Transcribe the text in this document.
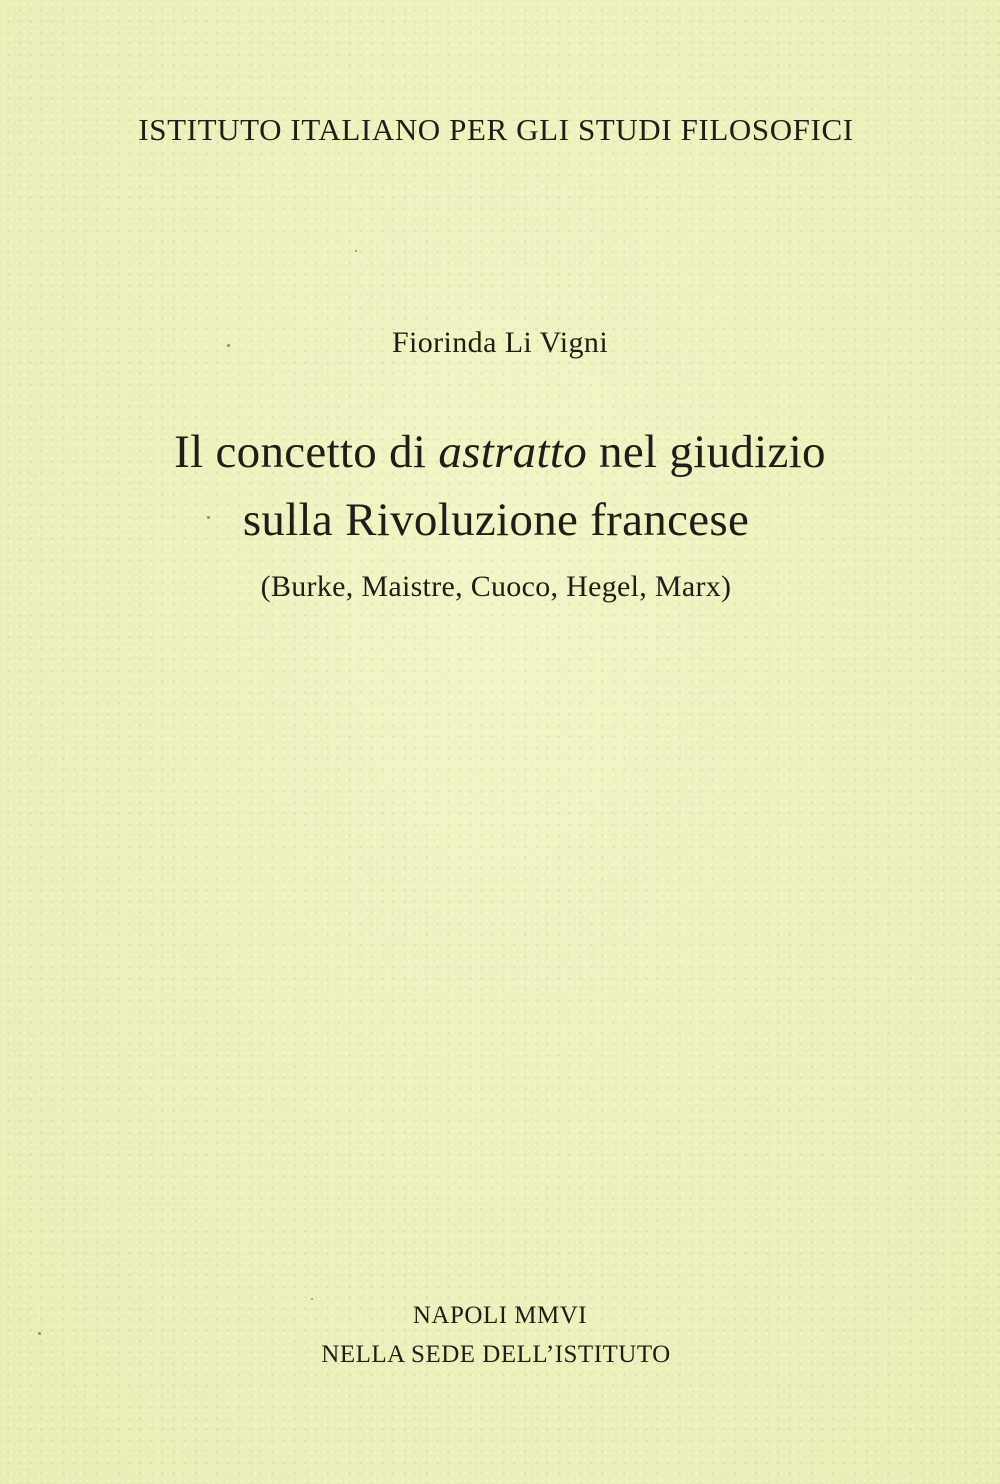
ISTITUTO ITALIANO PER GLI STUDI FILOSOFICI

Fiorinda Li Vigni

Il concetto di astratto nel giudizio

sulla Rivoluzione francese

(Burke, Maistre, Cuoco, Hegel, Marx)

NAPOLI MMVI

NELLA SEDE DELL’ISTITUTO
